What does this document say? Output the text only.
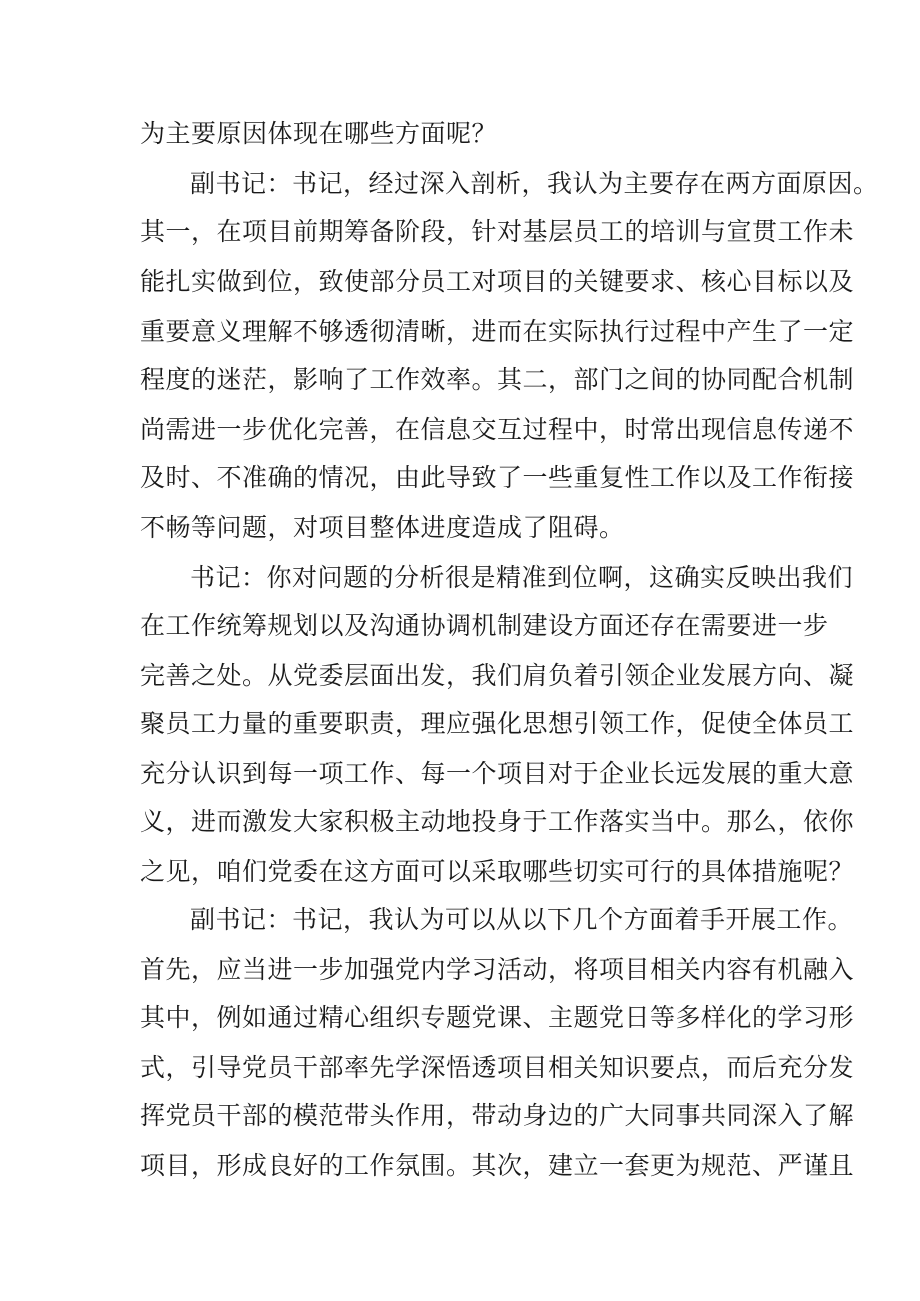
为主要原因体现在哪些方面呢？
副书记：书记，经过深入剖析，我认为主要存在两方面原因。
其一，在项目前期筹备阶段，针对基层员工的培训与宣贯工作未
能扎实做到位，致使部分员工对项目的关键要求、核心目标以及
重要意义理解不够透彻清晰，进而在实际执行过程中产生了一定
程度的迷茫，影响了工作效率。其二，部门之间的协同配合机制
尚需进一步优化完善，在信息交互过程中，时常出现信息传递不
及时、不准确的情况，由此导致了一些重复性工作以及工作衔接
不畅等问题，对项目整体进度造成了阻碍。
书记：你对问题的分析很是精准到位啊，这确实反映出我们
在工作统筹规划以及沟通协调机制建设方面还存在需要进一步
完善之处。从党委层面出发，我们肩负着引领企业发展方向、凝
聚员工力量的重要职责，理应强化思想引领工作，促使全体员工
充分认识到每一项工作、每一个项目对于企业长远发展的重大意
义，进而激发大家积极主动地投身于工作落实当中。那么，依你
之见，咱们党委在这方面可以采取哪些切实可行的具体措施呢？
副书记：书记，我认为可以从以下几个方面着手开展工作。
首先，应当进一步加强党内学习活动，将项目相关内容有机融入
其中，例如通过精心组织专题党课、主题党日等多样化的学习形
式，引导党员干部率先学深悟透项目相关知识要点，而后充分发
挥党员干部的模范带头作用，带动身边的广大同事共同深入了解
项目，形成良好的工作氛围。其次，建立一套更为规范、严谨且
